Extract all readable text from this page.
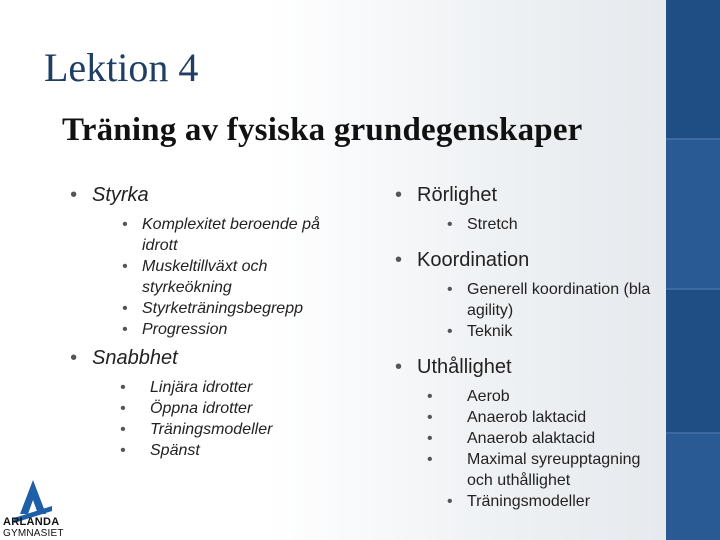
Lektion 4
Träning av fysiska grundegenskaper
• Styrka
• Komplexitet beroende på idrott
• Muskeltillväxt och styrkeökning
• Styrketräningsbegrepp
• Progression
• Snabbhet
• Linjära idrotter
• Öppna idrotter
• Träningsmodeller
• Spänst
• Rörlighet
• Stretch
• Koordination
• Generell koordination (bla agility)
• Teknik
• Uthållighet
• Aerob
• Anaerob laktacid
• Anaerob alaktacid
• Maximal syreupptagning och uthållighet
• Träningsmodeller
ARLANDA
GYMNASIET
